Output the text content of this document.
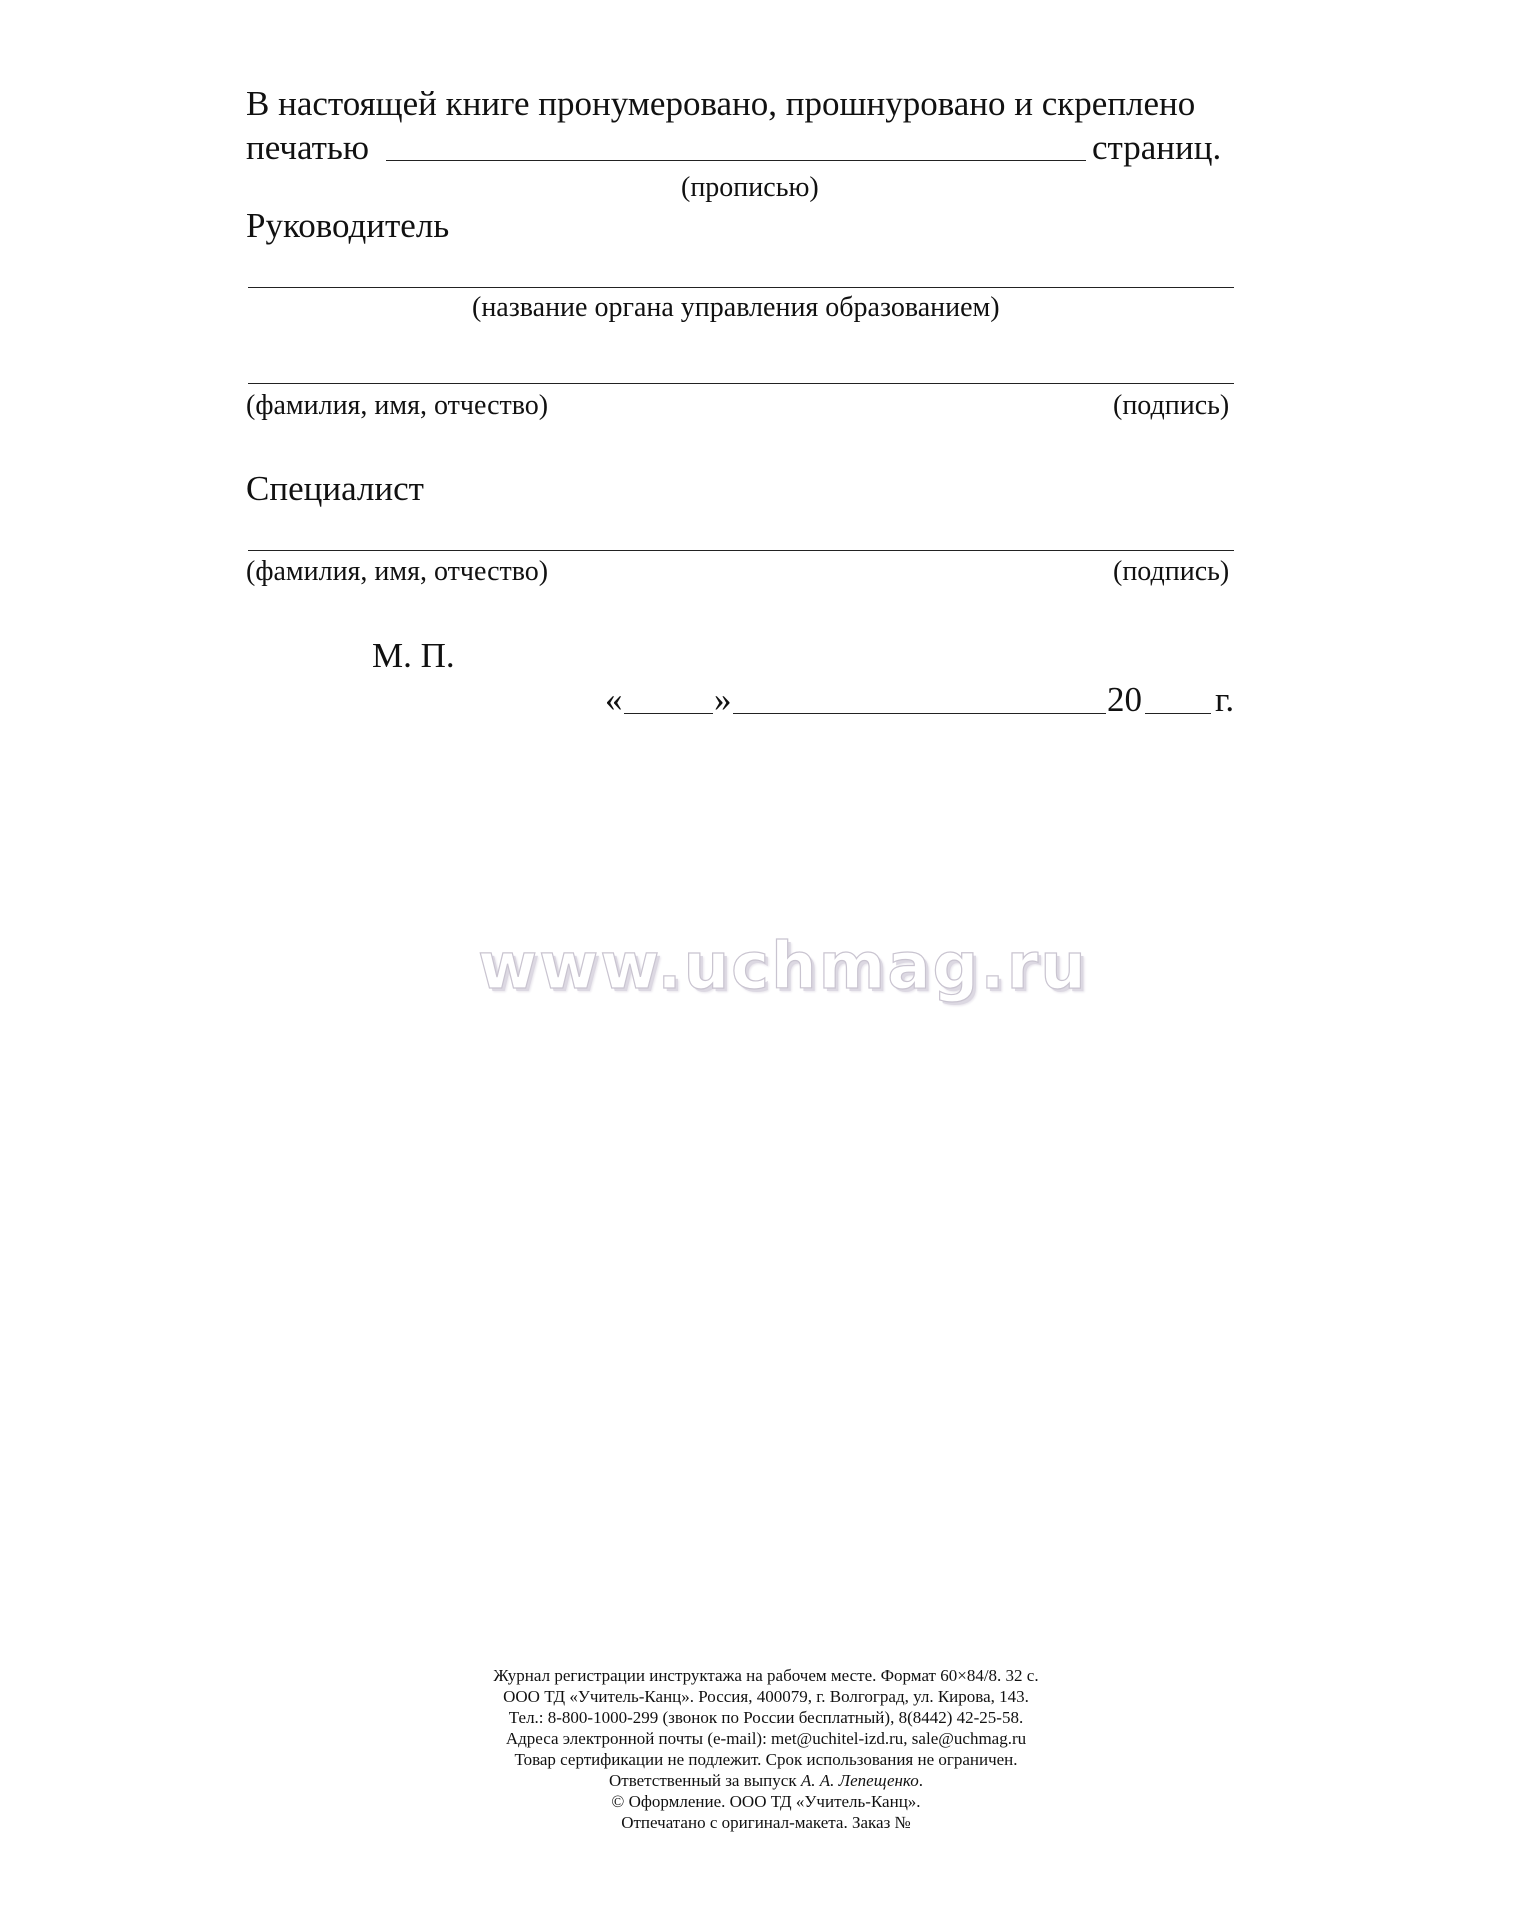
В настоящей книге пронумеровано, прошнуровано и скреплено
печатью	страниц.
(прописью)
Руководитель
(название органа управления образованием)
(фамилия, имя, отчество)	(подпись)
Специалист
(фамилия, имя, отчество)	(подпись)
М. П.
«	»	20 г.
www.uchmag.ru
Журнал регистрации инструктажа на рабочем месте. Формат 60×84/8. 32 с.
ООО ТД «Учитель-Канц». Россия, 400079, г. Волгоград, ул. Кирова, 143.
Тел.: 8-800-1000-299 (звонок по России бесплатный), 8(8442) 42-25-58.
Адреса электронной почты (e-mail): met@uchitel-izd.ru, sale@uchmag.ru
Товар сертификации не подлежит. Срок использования не ограничен.
Ответственный за выпуск А. А. Лепещенко.
© Оформление. ООО ТД «Учитель-Канц».
Отпечатано с оригинал-макета. Заказ №
